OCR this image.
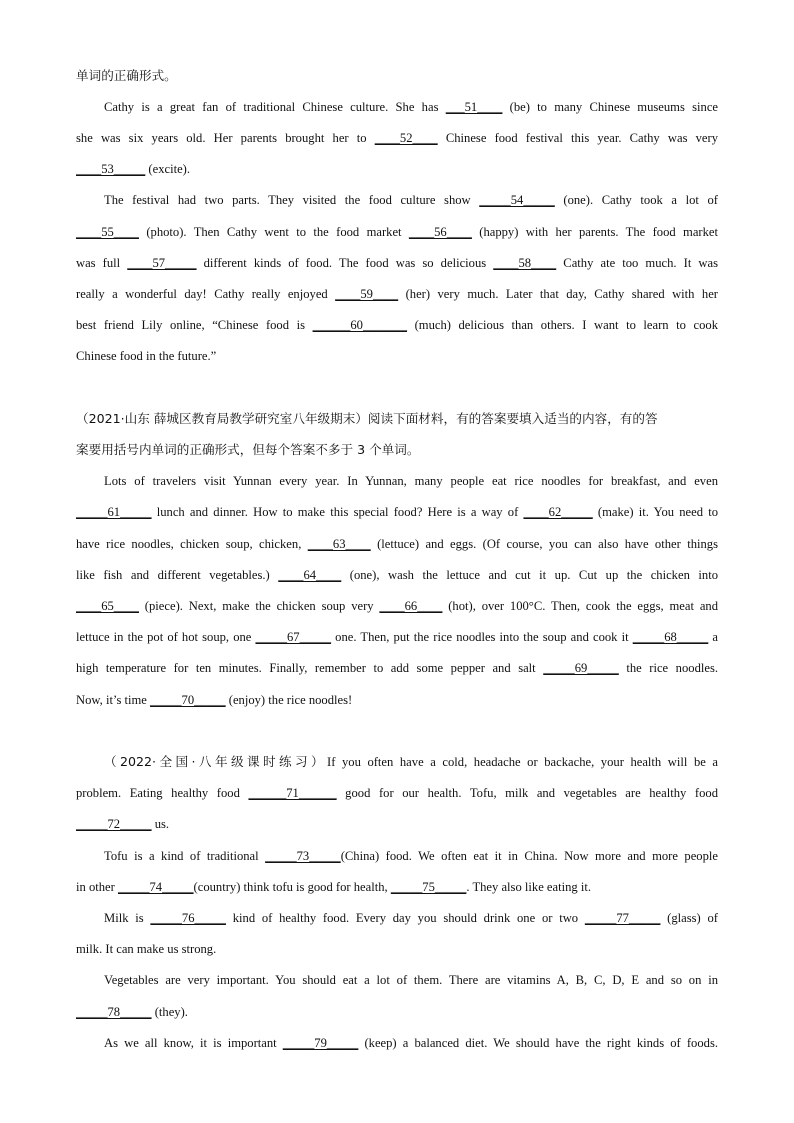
单词的正确形式。
Cathy is a great fan of traditional Chinese culture. She has ___51____ (be) to many Chinese museums since
she was six years old. Her parents brought her to ____52____ Chinese food festival this year. Cathy was very
____53_____ (excite).
The festival had two parts. They visited the food culture show _____54_____ (one). Cathy took a lot of
____55____ (photo). Then Cathy went to the food market ____56____ (happy) with her parents. The food market
was full ____57_____ different kinds of food. The food was so delicious ____58____ Cathy ate too much. It was
really a wonderful day! Cathy really enjoyed ____59____ (her) very much. Later that day, Cathy shared with her
best friend Lily online, “Chinese food is ______60_______ (much) delicious than others. I want to learn to cook
Chinese food in the future.”
（2021·山东 薛城区教育局教学研究室八年级期末）阅读下面材料，有的答案要填入适当的内容，有的答
案要用括号内单词的正确形式，但每个答案不多于 3 个单词。
Lots of travelers visit Yunnan every year. In Yunnan, many people eat rice noodles for breakfast, and even
_____61_____ lunch and dinner. How to make this special food? Here is a way of ____62_____ (make) it. You need to
have rice noodles, chicken soup, chicken, ____63____ (lettuce) and eggs. (Of course, you can also have other things
like fish and different vegetables.) ____64____ (one), wash the lettuce and cut it up. Cut up the chicken into
____65____ (piece). Next, make the chicken soup very ____66____ (hot), over 100°C. Then, cook the eggs, meat and
lettuce in the pot of hot soup, one _____67_____ one. Then, put the rice noodles into the soup and cook it _____68_____ a
high temperature for ten minutes. Finally, remember to add some pepper and salt _____69_____ the rice noodles.
Now, it’s time _____70_____ (enjoy) the rice noodles!
（2022·全国·八年级课时练习）If you often have a cold, headache or backache, your health will be a
problem. Eating healthy food ______71______ good for our health. Tofu, milk and vegetables are healthy food
_____72_____ us.
Tofu is a kind of traditional _____73_____(China) food. We often eat it in China. Now more and more people
in other _____74_____(country) think tofu is good for health, _____75_____. They also like eating it.
Milk is _____76_____ kind of healthy food. Every day you should drink one or two _____77_____ (glass) of
milk. It can make us strong.
Vegetables are very important. You should eat a lot of them. There are vitamins A, B, C, D, E and so on in
_____78_____ (they).
As we all know, it is important _____79_____ (keep) a balanced diet. We should have the right kinds of foods.
